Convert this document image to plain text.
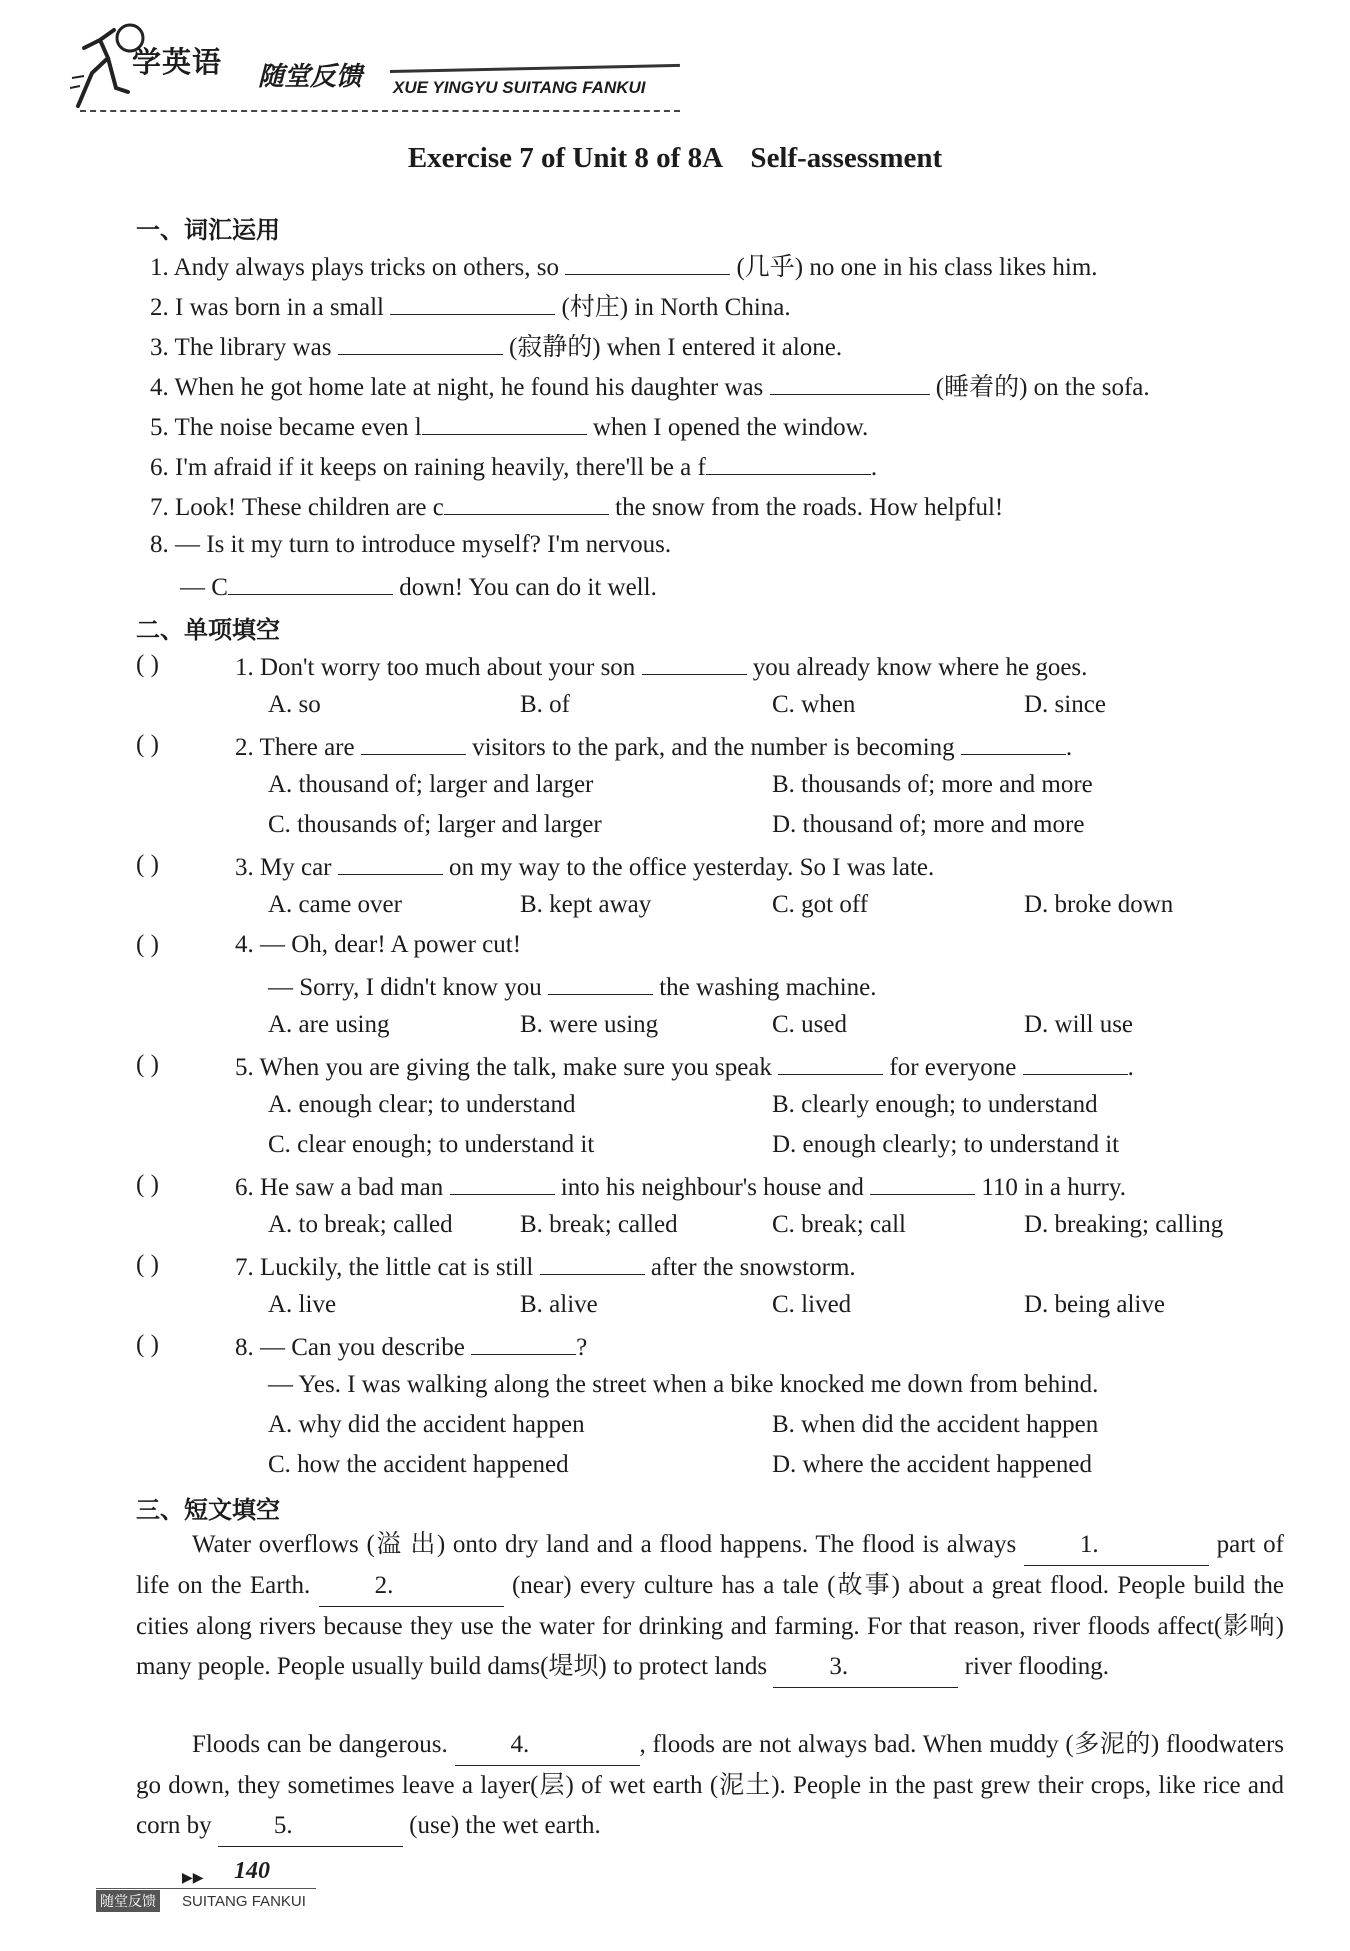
学英语 随堂反馈 XUE YINGYU SUITANG FANKUI
Exercise 7 of Unit 8 of 8A    Self-assessment
一、词汇运用
1. Andy always plays tricks on others, so	(几乎) no one in his class likes him.
2. I was born in a small	(村庄) in North China.
3. The library was	(寂静的) when I entered it alone.
4. When he got home late at night, he found his daughter was	(睡着的) on the sofa.
5. The noise became even l	when I opened the window.
6. I'm afraid if it keeps on raining heavily, there'll be a f	.
7. Look! These children are c	the snow from the roads. How helpful!
8. — Is it my turn to introduce myself? I'm nervous.
— C	down! You can do it well.
二、单项填空
( )	1. Don't worry too much about your son	you already know where he goes.
A. so	B. of	C. when	D. since
( )	2. There are	visitors to the park, and the number is becoming	.
A. thousand of; larger and larger	B. thousands of; more and more
C. thousands of; larger and larger	D. thousand of; more and more
( )	3. My car	on my way to the office yesterday. So I was late.
A. came over	B. kept away	C. got off	D. broke down
( )	4. — Oh, dear! A power cut!
— Sorry, I didn't know you	the washing machine.
A. are using	B. were using	C. used	D. will use
( )	5. When you are giving the talk, make sure you speak	for everyone	.
A. enough clear; to understand	B. clearly enough; to understand
C. clear enough; to understand it	D. enough clearly; to understand it
( )	6. He saw a bad man	into his neighbour's house and	110 in a hurry.
A. to break; called	B. break; called	C. break; call	D. breaking; calling
( )	7. Luckily, the little cat is still	after the snowstorm.
A. live	B. alive	C. lived	D. being alive
( )	8. — Can you describe	?
— Yes. I was walking along the street when a bike knocked me down from behind.
A. why did the accident happen	B. when did the accident happen
C. how the accident happened	D. where the accident happened
三、短文填空
Water overflows (溢 出) onto dry land and a flood happens. The flood is always 1.	part of life on the Earth. 2.	(near) every culture has a tale (故事) about a great flood. People build the cities along rivers because they use the water for drinking and farming. For that reason, river floods affect(影响) many people. People usually build dams(堤坝) to protect lands 3.	river flooding.
Floods can be dangerous. 4.	, floods are not always bad. When muddy (多泥的) floodwaters go down, they sometimes leave a layer(层) of wet earth (泥土). People in the past grew their crops, like rice and corn by 5.	(use) the wet earth.
▶▶ 140
随堂反馈 SUITANG FANKUI
